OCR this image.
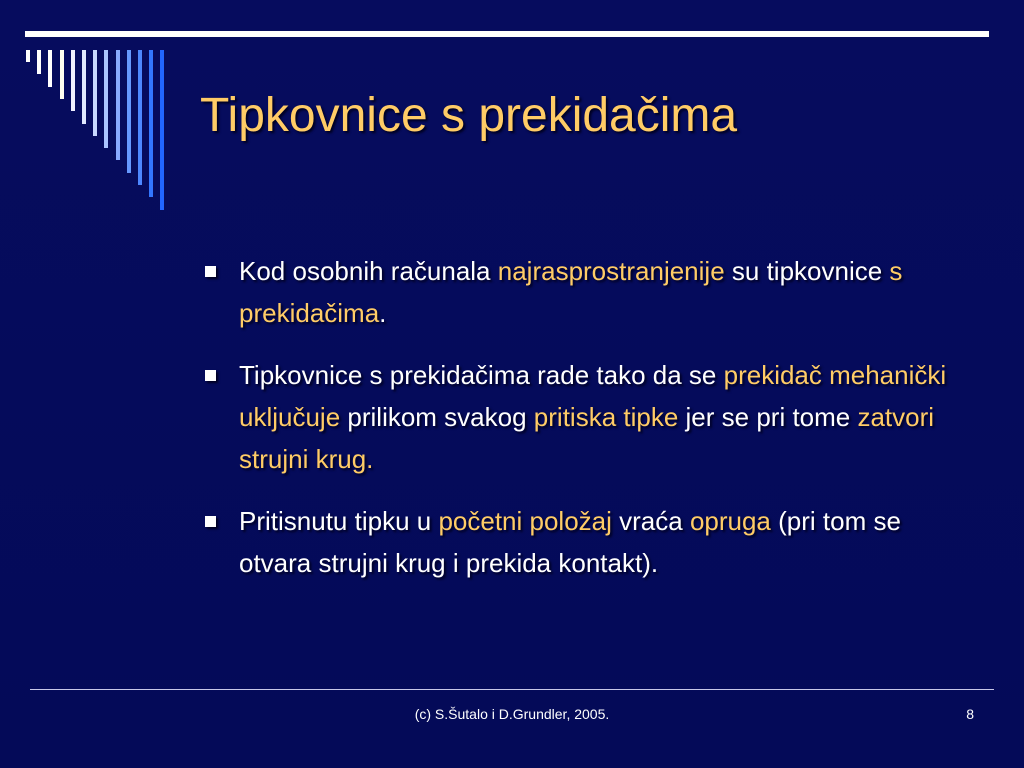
Tipkovnice s prekidačima
Kod osobnih računala najrasprostranjenije su tipkovnice s prekidačima.
Tipkovnice s prekidačima rade tako da se prekidač mehanički uključuje prilikom svakog pritiska tipke jer se pri tome zatvori strujni krug.
Pritisnutu tipku u početni položaj vraća opruga (pri tom se otvara strujni krug i prekida kontakt).
(c) S.Šutalo i D.Grundler, 2005.	8
